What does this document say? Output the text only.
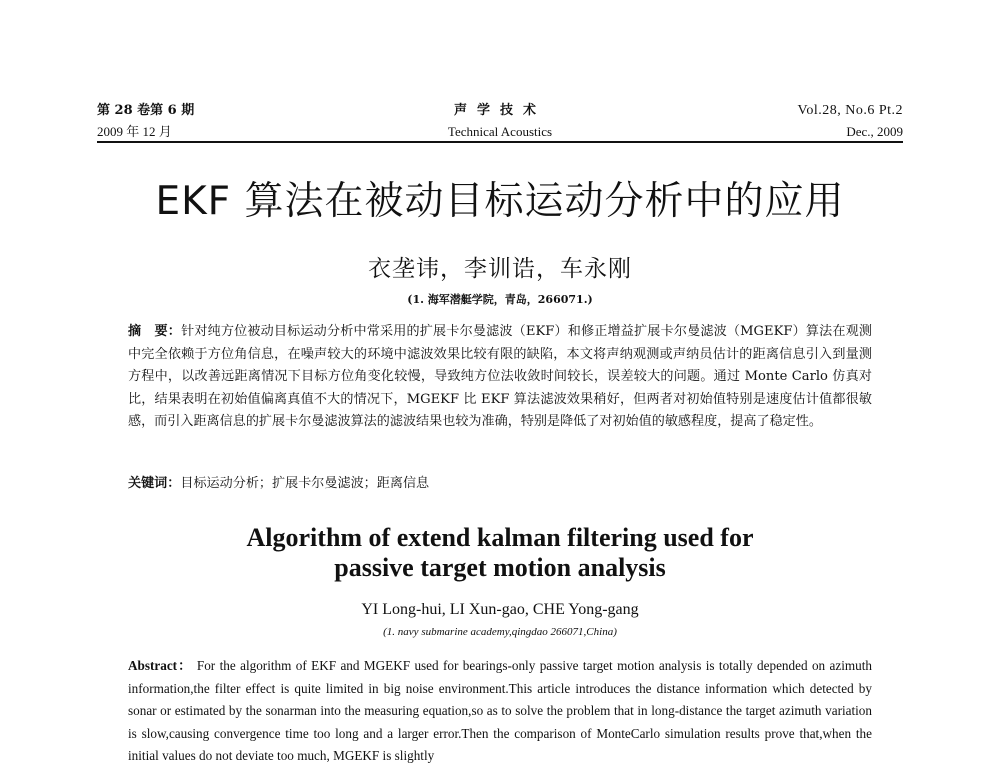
第 28 卷第 6 期
2009 年 12 月
声学技术
Technical Acoustics
Vol.28, No.6 Pt.2
Dec., 2009
EKF 算法在被动目标运动分析中的应用
衣垄讳，李训诰，车永刚
(1. 海军潜艇学院，青岛，266071.)
摘　要：针对纯方位被动目标运动分析中常采用的扩展卡尔曼滤波（EKF）和修正增益扩展卡尔曼滤波（MGEKF）算法在观测中完全依赖于方位角信息，在噪声较大的环境中滤波效果比较有限的缺陷，本文将声纳观测或声纳员估计的距离信息引入到量测方程中，以改善远距离情况下目标方位角变化较慢，导致纯方位法收敛时间较长，误差较大的问题。通过 Monte Carlo 仿真对比，结果表明在初始值偏离真值不大的情况下，MGEKF 比 EKF 算法滤波效果稍好，但两者对初始值特别是速度估计值都很敏感，而引入距离信息的扩展卡尔曼滤波算法的滤波结果也较为准确，特别是降低了对初始值的敏感程度，提高了稳定性。
关键词：目标运动分析；扩展卡尔曼滤波；距离信息
Algorithm of extend kalman filtering used for
passive target motion analysis
YI Long-hui, LI Xun-gao, CHE Yong-gang
(1. navy submarine academy,qingdao 266071,China)
Abstract： For the algorithm of EKF and MGEKF used for bearings-only passive target motion analysis is totally depended on azimuth information,the filter effect is quite limited in big noise environment.This article introduces the distance information which detected by sonar or estimated by the sonarman into the measuring equation,so as to solve the problem that in long-distance the target azimuth variation is slow,causing convergence time too long and a larger error.Then the comparison of MonteCarlo simulation results prove that,when the initial values do not deviate too much, MGEKF is slightly
